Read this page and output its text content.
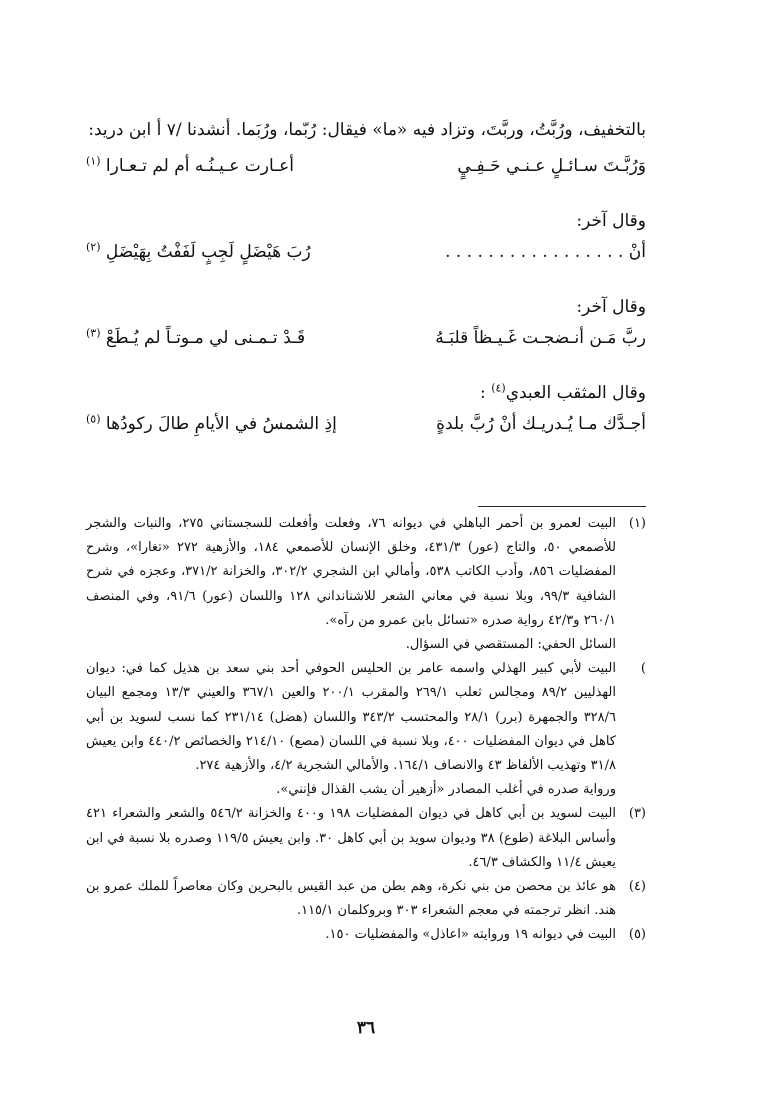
بالتخفيف، ورُبَّتُ، وربَّتَ، وتزاد فيه «ما» فيقال: رُبّما، ورُبَما. أنشدنا /٧ أ ابن دريد:

وَرُبَّـتَ سـائـلٍ عـنـي حَـفِـيٍ
أعـارت عـيـنُـه أم لم تـعـارا $^{(١)}$

وقال آخر:

أنْ . . . . . . . . . . . . . . . . .
رُبَ هَيْضَلٍ لَجِبٍ لَفَفْتُ بِهَيْضَلِ $^{(٢)}$

وقال آخر:

ربَّ مَـن أنـضجـت غَـيـظاً قلبَـهُ
قَـدْ تـمـنى لي مـوتـاً لم يُـطَعْ $^{(٣)}$

وقال المثقب العبدي$^{(٤)}$ :

أجـدَّك مـا يُـدريـك أنْ رُبَّ بلدةٍ
إذِ الشمسُ في الأيامِ طالَ ركودُها $^{(٥)}$

(١)
البيت لعمرو بن أحمر الباهلي في ديوانه ٧٦، وفعلت وأفعلت للسجستاني ٢٧٥، والنبات والشجر للأصمعي ٥٠، والتاج (عور) ٤٣١/٣، وخلق الإنسان للأصمعي ١٨٤، والأزهية ٢٧٢ «تغارا»، وشرح المفضليات ٨٥٦، وأدب الكاتب ٥٣٨، وأمالي ابن الشجري ٣٠٢/٢، والخزانة ٣٧١/٢، وعجزه في شرح الشافية ٩٩/٣، وبلا نسبة في معاني الشعر للاشنانداني ١٢٨ واللسان (عور) ٩١/٦، وفي المنصف ٢٦٠/١ و٤٢/٣ رواية صدره «تسائل بابن عمرو من رآه».

السائل الحفي: المستقصي في السؤال.

)
البيت لأبي كبير الهذلي واسمه عامر بن الحليس الحوفي أحد بني سعد بن هذيل كما في: ديوان الهذليين ٨٩/٢ ومجالس ثعلب ٢٦٩/١ والمقرب ٢٠٠/١ والعين ٣٦٧/١ والعيني ١٣/٣ ومجمع البيان ٣٢٨/٦ والجمهرة (برر) ٢٨/١ والمحتسب ٣٤٣/٢ واللسان (هضل) ٢٣١/١٤ كما نسب لسويد بن أبي كاهل في ديوان المفضليات ٤٠٠، وبلا نسبة في اللسان (مصع) ٢١٤/١٠ والخصائص ٤٤٠/٢ وابن يعيش ٣١/٨ وتهذيب الألفاظ ٤٣ والانصاف ١٦٤/١. والأمالي الشجرية ٤/٢، والأزهية ٢٧٤.

ورواية صدره في أغلب المصادر «أزهير أن يشب القذال فإنني».

(٣)
البيت لسويد بن أبي كاهل في ديوان المفضليات ١٩٨ و٤٠٠ والخزانة ٥٤٦/٢ والشعر والشعراء ٤٢١ وأساس البلاغة (طوع) ٣٨ وديوان سويد بن أبي كاهل ٣٠. وابن يعيش ١١٩/٥ وصدره بلا نسبة في ابن يعيش ١١/٤ والكشاف ٤٦/٣.

(٤)
هو عائذ بن محصن من بني نكرة، وهم بطن من عبد القيس بالبحرين وكان معاصراً للملك عمرو بن هند. انظر ترجمته في معجم الشعراء ٣٠٣ وبروكلمان ١١٥/١.

(٥)
البيت في ديوانه ١٩ وروايته «اعاذل» والمفضليات ١٥٠.

٣٦
